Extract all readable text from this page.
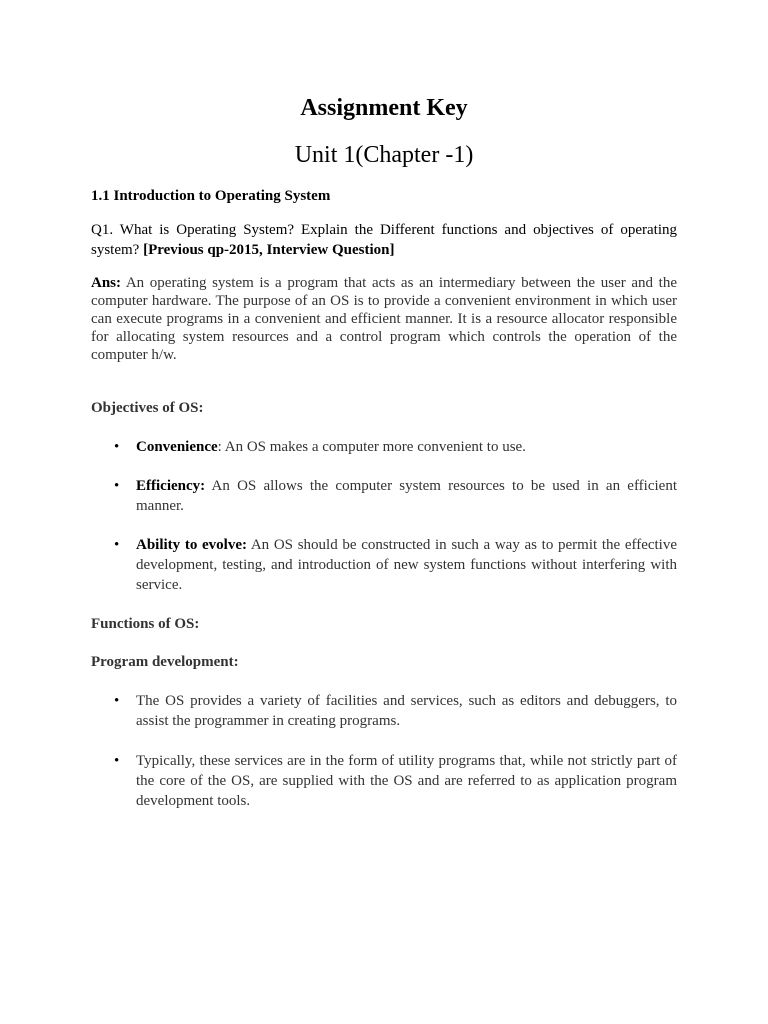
Assignment Key
Unit 1(Chapter -1)

1.1 Introduction to Operating System

Q1. What is Operating System? Explain the Different functions and objectives of operating system? [Previous qp-2015, Interview Question]

Ans: An operating system is a program that acts as an intermediary between the user and the computer hardware. The purpose of an OS is to provide a convenient environment in which user can execute programs in a convenient and efficient manner. It is a resource allocator responsible for allocating system resources and a control program which controls the operation of the computer h/w.

Objectives of OS:

• Convenience: An OS makes a computer more convenient to use.

• Efficiency: An OS allows the computer system resources to be used in an efficient manner.

• Ability to evolve: An OS should be constructed in such a way as to permit the effective development, testing, and introduction of new system functions without interfering with service.

Functions of OS:

Program development:

• The OS provides a variety of facilities and services, such as editors and debuggers, to assist the programmer in creating programs.

• Typically, these services are in the form of utility programs that, while not strictly part of the core of the OS, are supplied with the OS and are referred to as application program development tools.
